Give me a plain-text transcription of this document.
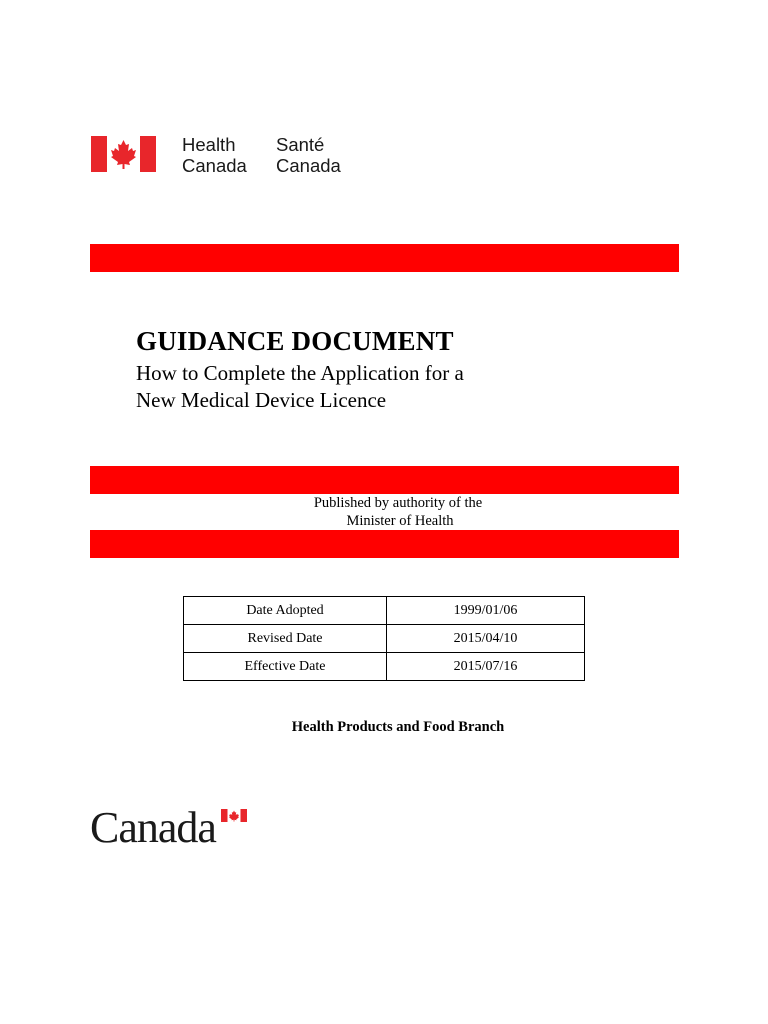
Health
Canada
Santé
Canada
GUIDANCE DOCUMENT
How to Complete the Application for a
New Medical Device Licence
Published by authority of the
Minister of Health
Date Adopted	1999/01/06
Revised Date	2015/04/10
Effective Date	2015/07/16
Health Products and Food Branch
Canada
